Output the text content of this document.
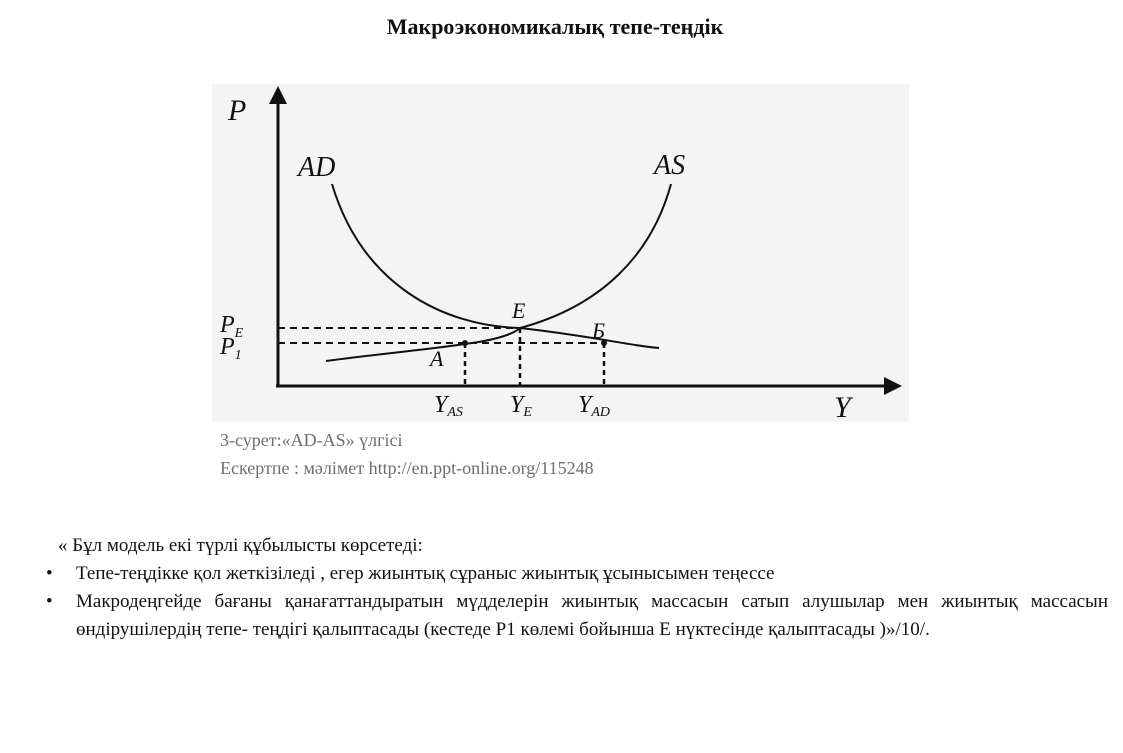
Макроэкономикалық тепе-теңдік
P
Y
AD	AS
E
A
Б
$P_E$
$P_1$
YAS YE YAD
3-сурет:«AD-AS» үлгісі
Ескертпе : мәлімет http://en.ppt-online.org/115248
« Бұл модель екі түрлі құбылысты көрсетеді:
• Тепе-теңдікке қол жеткізіледі , егер жиынтық сұраныс жиынтық ұсынысымен теңессе
• Макродеңгейде бағаны қанағаттандыратын мүдделерін жиынтық массасын сатып алушылар мен жиынтық массасын өндірушілердің тепе- теңдігі қалыптасады (кестеде Р1 көлемі бойынша Е нүктесінде қалыптасады )»/10/.
